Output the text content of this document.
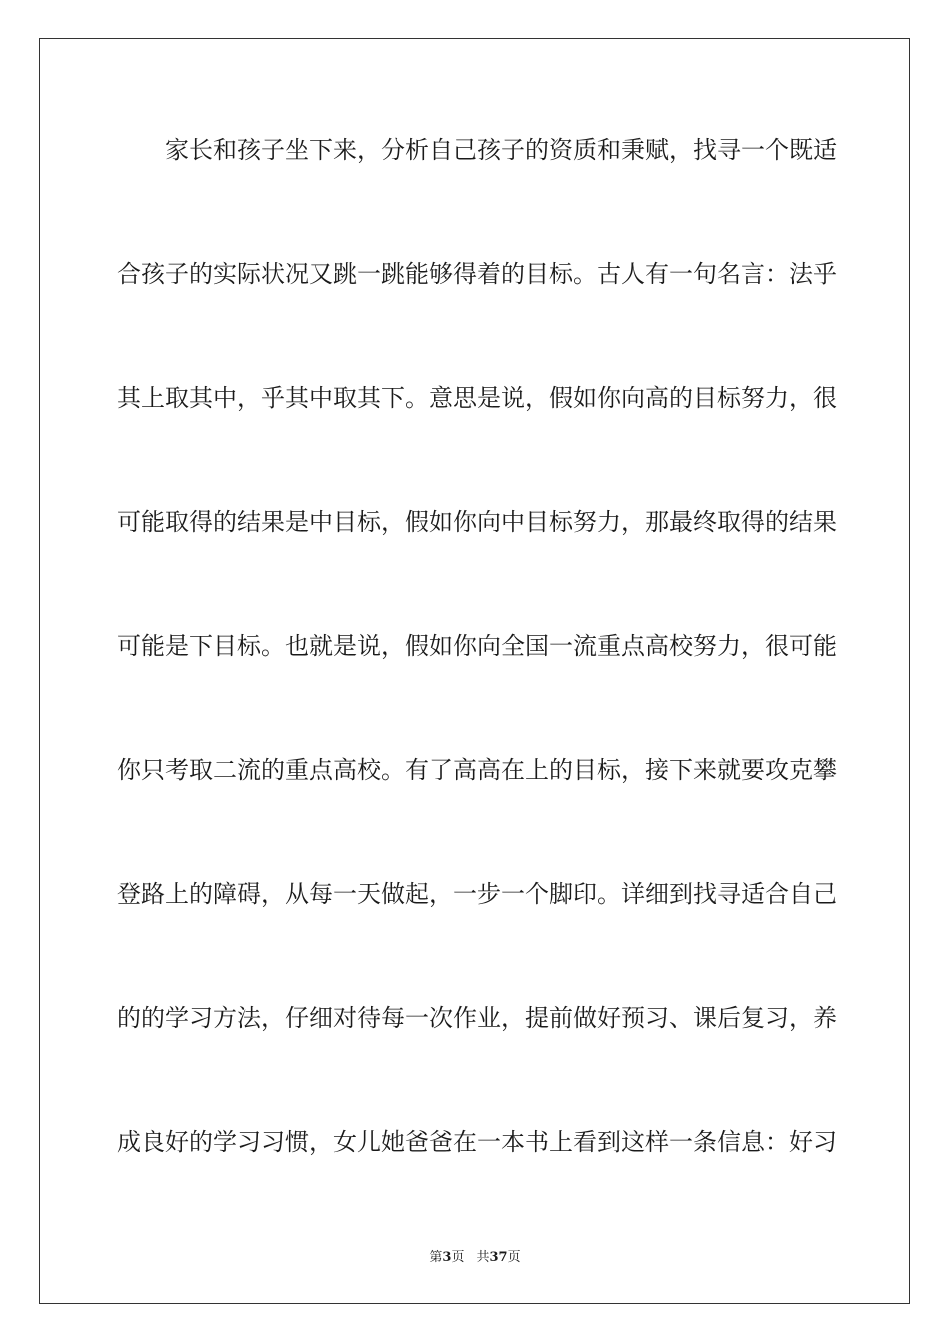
家长和孩子坐下来，分析自己孩子的资质和秉赋，找寻一个既适
合孩子的实际状况又跳一跳能够得着的目标。古人有一句名言：法乎
其上取其中，乎其中取其下。意思是说，假如你向高的目标努力，很
可能取得的结果是中目标，假如你向中目标努力，那最终取得的结果
可能是下目标。也就是说，假如你向全国一流重点高校努力，很可能
你只考取二流的重点高校。有了高高在上的目标，接下来就要攻克攀
登路上的障碍，从每一天做起，一步一个脚印。详细到找寻适合自己
的的学习方法，仔细对待每一次作业，提前做好预习、课后复习，养
成良好的学习习惯，女儿她爸爸在一本书上看到这样一条信息：好习
第3页 共37页
